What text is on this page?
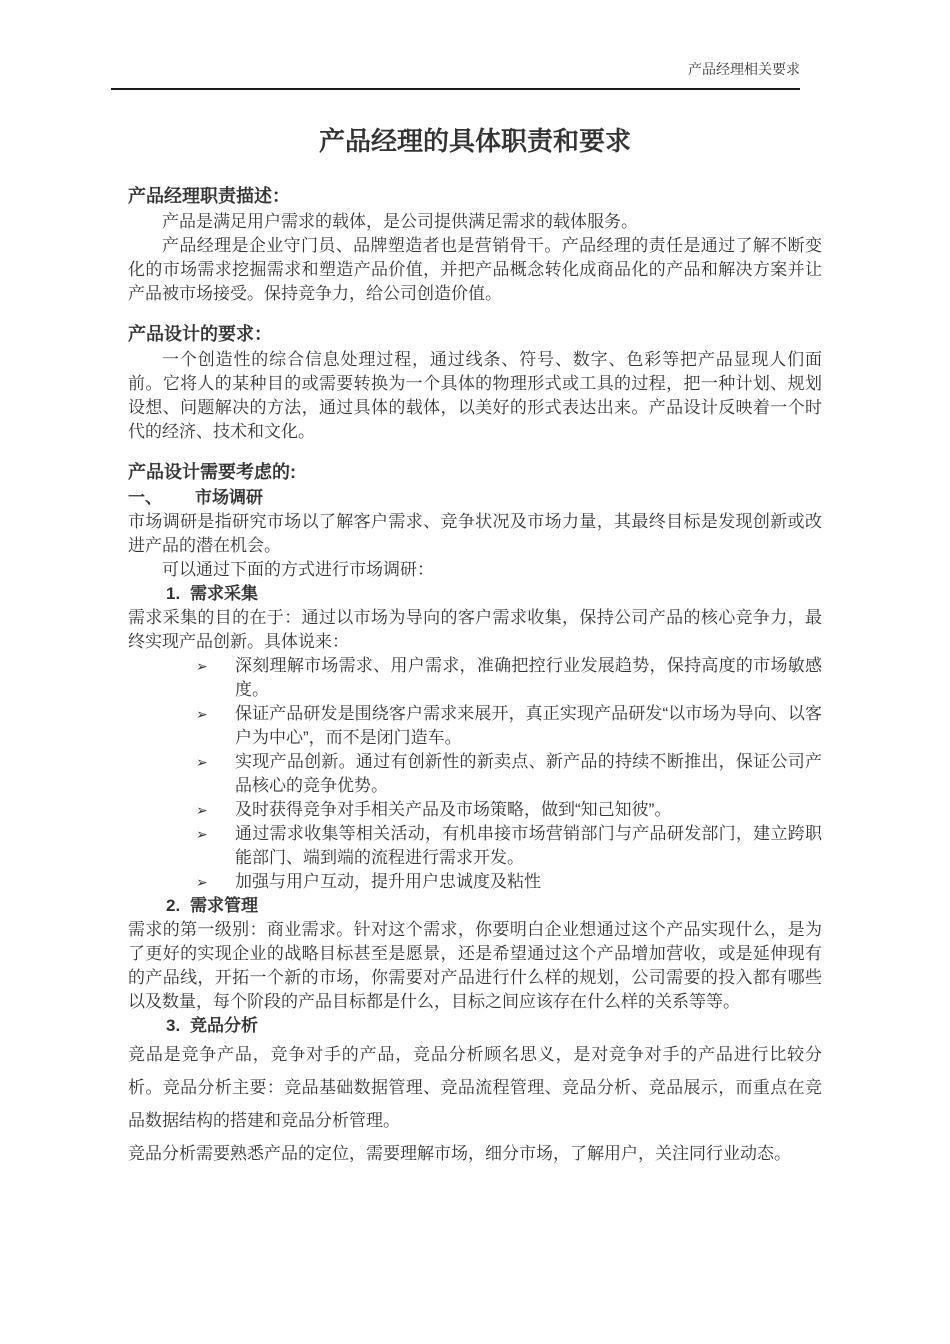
产品经理相关要求
产品经理的具体职责和要求
产品经理职责描述：

产品是满足用户需求的载体，是公司提供满足需求的载体服务。

产品经理是企业守门员、品牌塑造者也是营销骨干。产品经理的责任是通过了解不断变化的市场需求挖掘需求和塑造产品价值，并把产品概念转化成商品化的产品和解决方案并让产品被市场接受。保持竞争力，给公司创造价值。

产品设计的要求：

一个创造性的综合信息处理过程，通过线条、符号、数字、色彩等把产品显现人们面前。它将人的某种目的或需要转换为一个具体的物理形式或工具的过程，把一种计划、规划设想、问题解决的方法，通过具体的载体，以美好的形式表达出来。产品设计反映着一个时代的经济、技术和文化。

产品设计需要考虑的:
一、 市场调研

市场调研是指研究市场以了解客户需求、竞争状况及市场力量，其最终目标是发现创新或改进产品的潜在机会。

可以通过下面的方式进行市场调研：

1. 需求采集

需求采集的目的在于：通过以市场为导向的客户需求收集，保持公司产品的核心竞争力，最终实现产品创新。具体说来：

➢	深刻理解市场需求、用户需求，准确把控行业发展趋势，保持高度的市场敏感度。
➢	保证产品研发是围绕客户需求来展开，真正实现产品研发“以市场为导向、以客户为中心”，而不是闭门造车。
➢	实现产品创新。通过有创新性的新卖点、新产品的持续不断推出，保证公司产品核心的竞争优势。
➢	及时获得竞争对手相关产品及市场策略，做到“知己知彼”。
➢	通过需求收集等相关活动，有机串接市场营销部门与产品研发部门，建立跨职能部门、端到端的流程进行需求开发。
➢	加强与用户互动，提升用户忠诚度及粘性
2. 需求管理

需求的第一级别：商业需求。针对这个需求，你要明白企业想通过这个产品实现什么，是为了更好的实现企业的战略目标甚至是愿景，还是希望通过这个产品增加营收，或是延伸现有的产品线，开拓一个新的市场，你需要对产品进行什么样的规划，公司需要的投入都有哪些以及数量，每个阶段的产品目标都是什么，目标之间应该存在什么样的关系等等。

3. 竞品分析

竞品是竞争产品，竞争对手的产品，竞品分析顾名思义，是对竞争对手的产品进行比较分析。竞品分析主要：竞品基础数据管理、竞品流程管理、竞品分析、竞品展示，而重点在竞品数据结构的搭建和竞品分析管理。

竞品分析需要熟悉产品的定位，需要理解市场，细分市场，了解用户，关注同行业动态。
